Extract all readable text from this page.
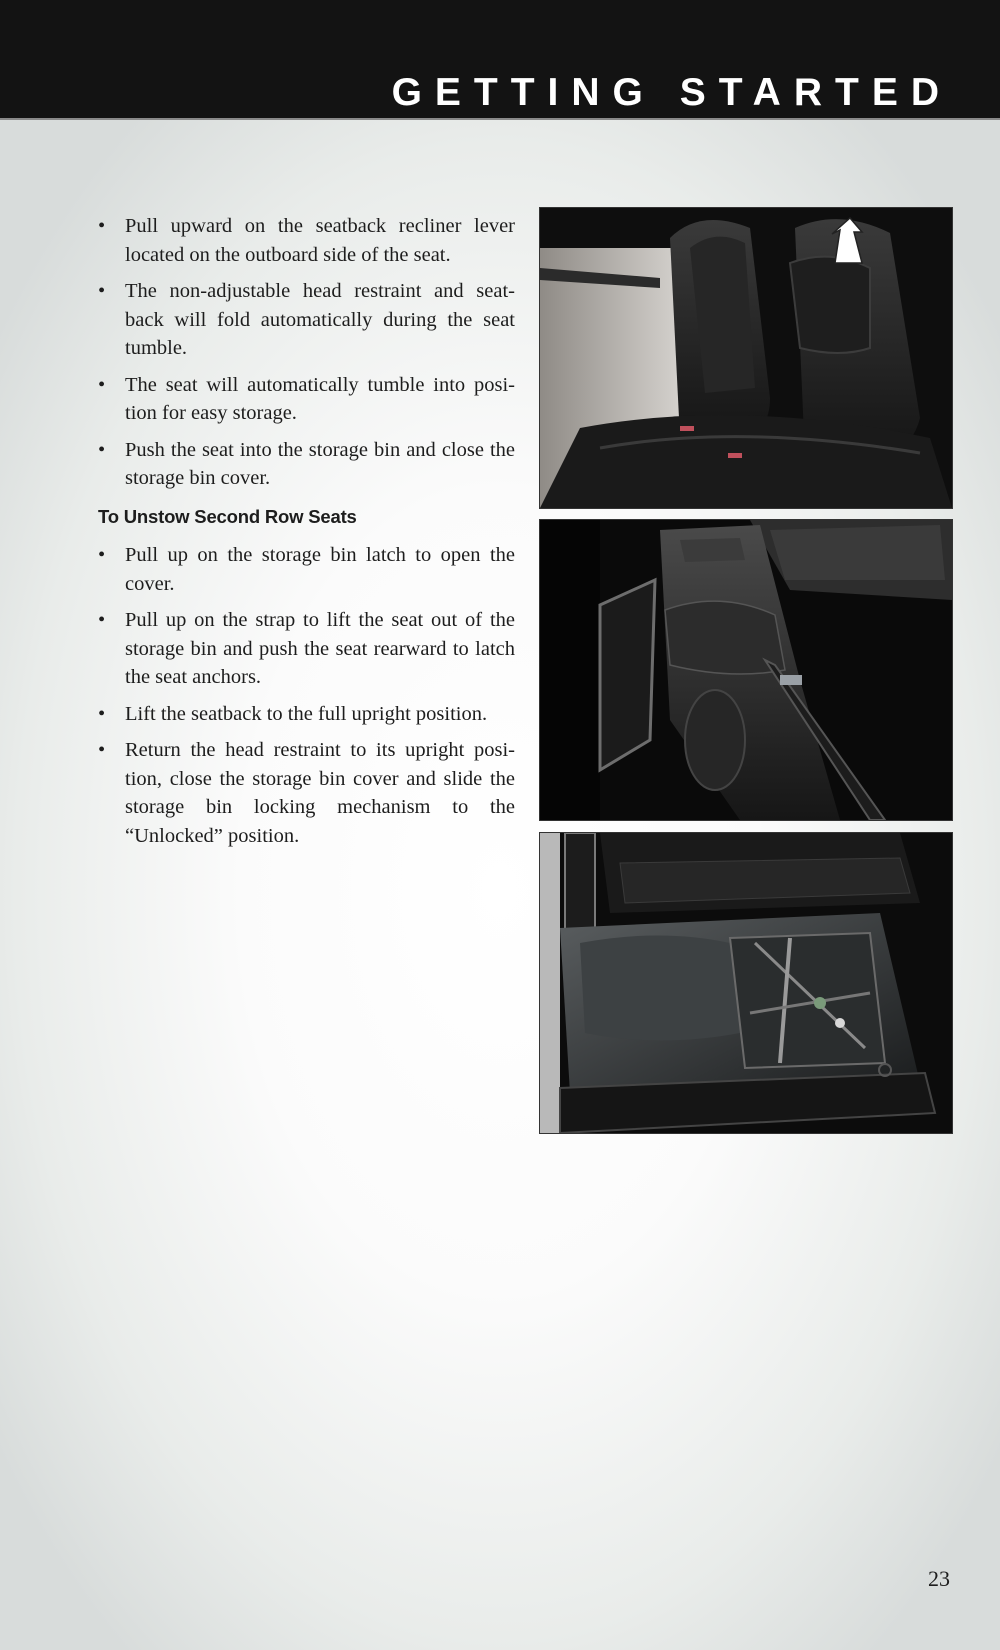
GETTING STARTED
• Pull upward on the seatback recliner lever located on the outboard side of the seat.
• The non-adjustable head restraint and seat- back will fold automatically during the seat tumble.
• The seat will automatically tumble into posi- tion for easy storage.
• Push the seat into the storage bin and close the storage bin cover.
To Unstow Second Row Seats
• Pull up on the storage bin latch to open the cover.
• Pull up on the strap to lift the seat out of the storage bin and push the seat rearward to latch the seat anchors.
• Lift the seatback to the full upright position.
• Return the head restraint to its upright posi- tion, close the storage bin cover and slide the storage bin locking mechanism to the “Unlocked” position.
23
